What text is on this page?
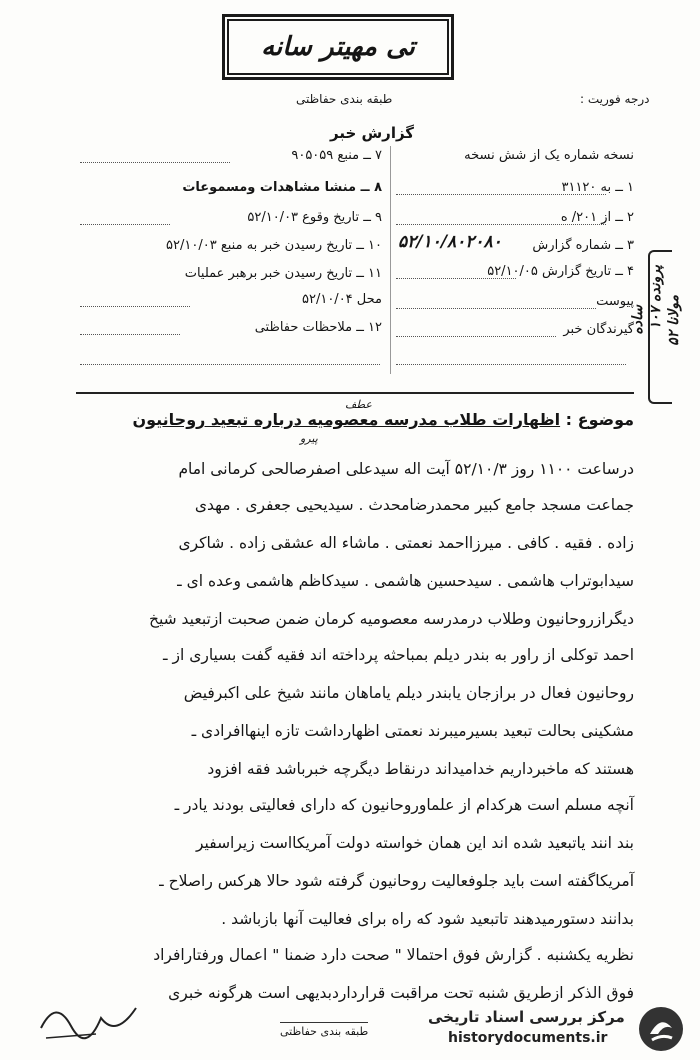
تی مهیتر سانه
طبقه بندی حفاظتی	درجه فوریت :
گزارش خبر
نسخه شماره یک از شش نسخه
۱ ــ به ۳۱۱۲۰
۲ ــ از ۲۰۱/ ه
۳ ــ شماره گزارش
۵۲/۱۰/۸۰۲۰۸۰
۴ ــ تاریخ گزارش ۵۲/۱۰/۰۵
پیوست
گیرندگان خبر
۷ ــ منبع ۹۰۵۰۵۹
۸ ــ منشا مشاهدات ومسموعات
۹ ــ تاریخ وقوع ۵۲/۱۰/۰۳
۱۰ ــ تاریخ رسیدن خبر به منبع ۵۲/۱۰/۰۳
۱۱ ــ تاریخ رسیدن خبر برهبر عملیات
محل ۵۲/۱۰/۰۴
۱۲ ــ ملاحظات حفاظتی
مولانا ۵۲
پرونده ۱۰۷
ساده
عطف
پیرو
موضوع : اظهارات طلاب مدرسه معصومیه درباره تبعید روحانیون
درساعت ۱۱۰۰ روز ۵۲/۱۰/۳ آیت اله سیدعلی اصفرصالحی کرمانی امام
جماعت مسجد جامع کبیر محمدرضامحدث . سیدیحیی جعفری . مهدی
زاده . فقیه . کافی . میرزااحمد نعمتی . ماشاء اله عشقی زاده . شاکری
سیدابوتراب هاشمی . سیدحسین هاشمی . سیدکاظم هاشمی وعده ای ـ
دیگرازروحانیون وطلاب درمدرسه معصومیه کرمان ضمن صحبت ازتبعید شیخ
احمد توکلی از راور به بندر دیلم بمباحثه پرداخته اند فقیه گفت بسیاری از ـ
روحانیون فعال در برازجان یابندر دیلم یاماهان مانند شیخ علی اکبرفیض
مشکینی بحالت تبعید بسیرمیبرند نعمتی اظهارداشت تازه اینهاافرادی ـ
هستند که ماخبرداریم خدامیداند درنقاط دیگرچه خبرباشد فقه افزود
آنچه مسلم است هرکدام از علماوروحانیون که دارای فعالیتی بودند یادر ـ
بند انند یاتبعید شده اند این همان خواسته دولت آمریکااست زیراسفیر
آمریکاگفته است باید جلوفعالیت روحانیون گرفته شود حالا هرکس راصلاح ـ
بدانند دستورمیدهند تاتبعید شود که راه برای فعالیت آنها بازباشد .
نظریه یکشنبه . گزارش فوق احتمالا " صحت دارد ضمنا " اعمال ورفتارافراد
فوق الذکر ازطریق شنبه تحت مراقبت قرارداردبدیهی است هرگونه خبری
طبقه بندی حفاظتی
مرکز بررسی اسناد تاریخی
historydocuments.ir
